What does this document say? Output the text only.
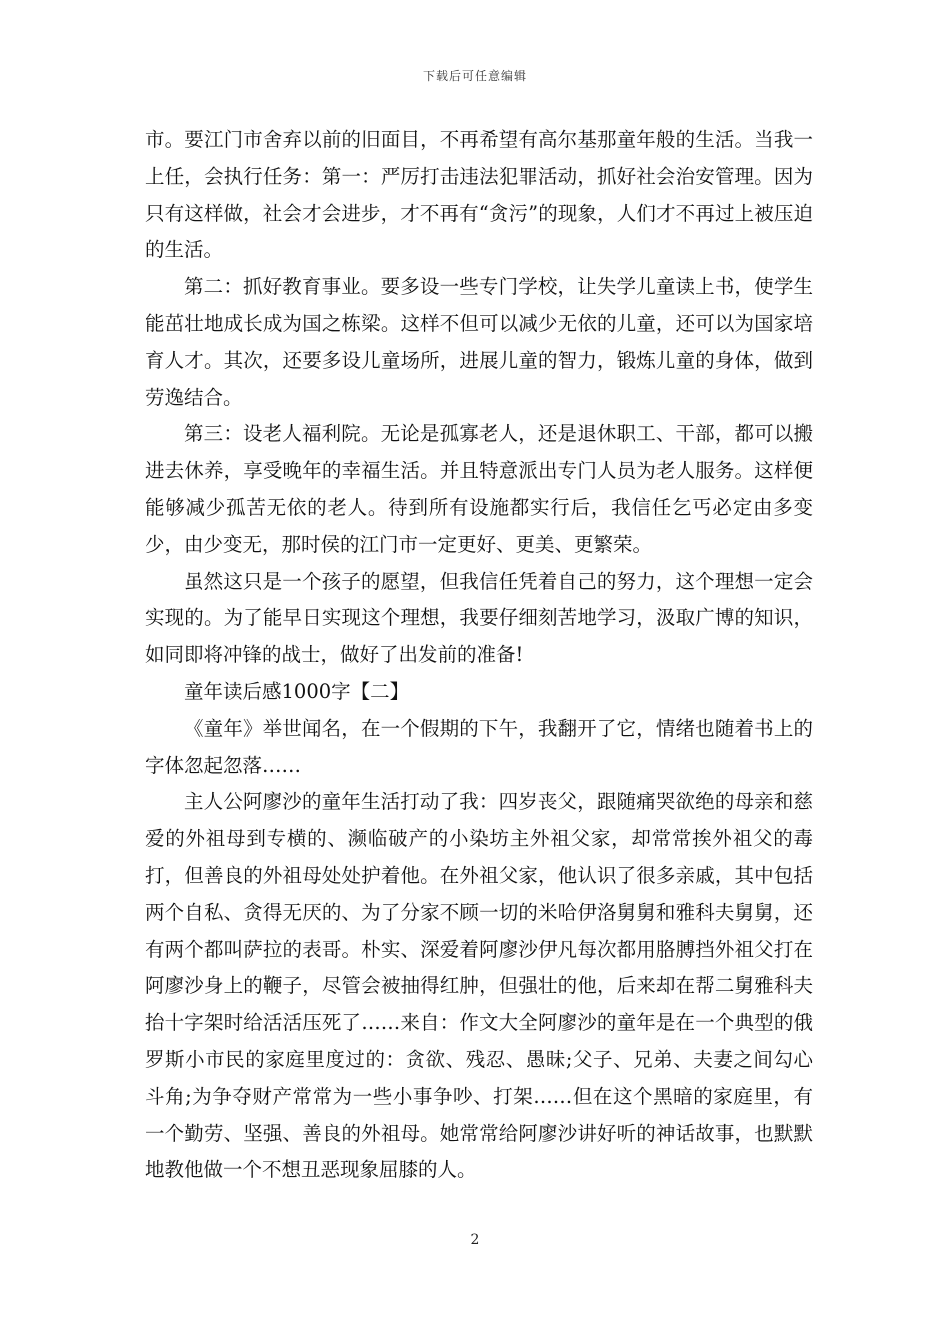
下载后可任意编辑

市。要江门市舍弃以前的旧面目，不再希望有高尔基那童年般的生活。当我一上任，会执行任务：第一：严厉打击违法犯罪活动，抓好社会治安管理。因为只有这样做，社会才会进步，才不再有“贪污”的现象，人们才不再过上被压迫的生活。

第二：抓好教育事业。要多设一些专门学校，让失学儿童读上书，使学生能茁壮地成长成为国之栋梁。这样不但可以减少无依的儿童，还可以为国家培育人才。其次，还要多设儿童场所，进展儿童的智力，锻炼儿童的身体，做到劳逸结合。

第三：设老人福利院。无论是孤寡老人，还是退休职工、干部，都可以搬进去休养，享受晚年的幸福生活。并且特意派出专门人员为老人服务。这样便能够减少孤苦无依的老人。待到所有设施都实行后，我信任乞丐必定由多变少，由少变无，那时侯的江门市一定更好、更美、更繁荣。

虽然这只是一个孩子的愿望，但我信任凭着自己的努力，这个理想一定会实现的。为了能早日实现这个理想，我要仔细刻苦地学习，汲取广博的知识，如同即将冲锋的战士，做好了出发前的准备!

童年读后感1000字【二】

《童年》举世闻名，在一个假期的下午，我翻开了它，情绪也随着书上的字体忽起忽落……

主人公阿廖沙的童年生活打动了我：四岁丧父，跟随痛哭欲绝的母亲和慈爱的外祖母到专横的、濒临破产的小染坊主外祖父家，却常常挨外祖父的毒打，但善良的外祖母处处护着他。在外祖父家，他认识了很多亲戚，其中包括两个自私、贪得无厌的、为了分家不顾一切的米哈伊洛舅舅和雅科夫舅舅，还有两个都叫萨拉的表哥。朴实、深爱着阿廖沙伊凡每次都用胳膊挡外祖父打在阿廖沙身上的鞭子，尽管会被抽得红肿，但强壮的他，后来却在帮二舅雅科夫抬十字架时给活活压死了……来自：作文大全阿廖沙的童年是在一个典型的俄罗斯小市民的家庭里度过的：贪欲、残忍、愚昧;父子、兄弟、夫妻之间勾心斗角;为争夺财产常常为一些小事争吵、打架……但在这个黑暗的家庭里，有一个勤劳、坚强、善良的外祖母。她常常给阿廖沙讲好听的神话故事，也默默地教他做一个不想丑恶现象屈膝的人。

2
